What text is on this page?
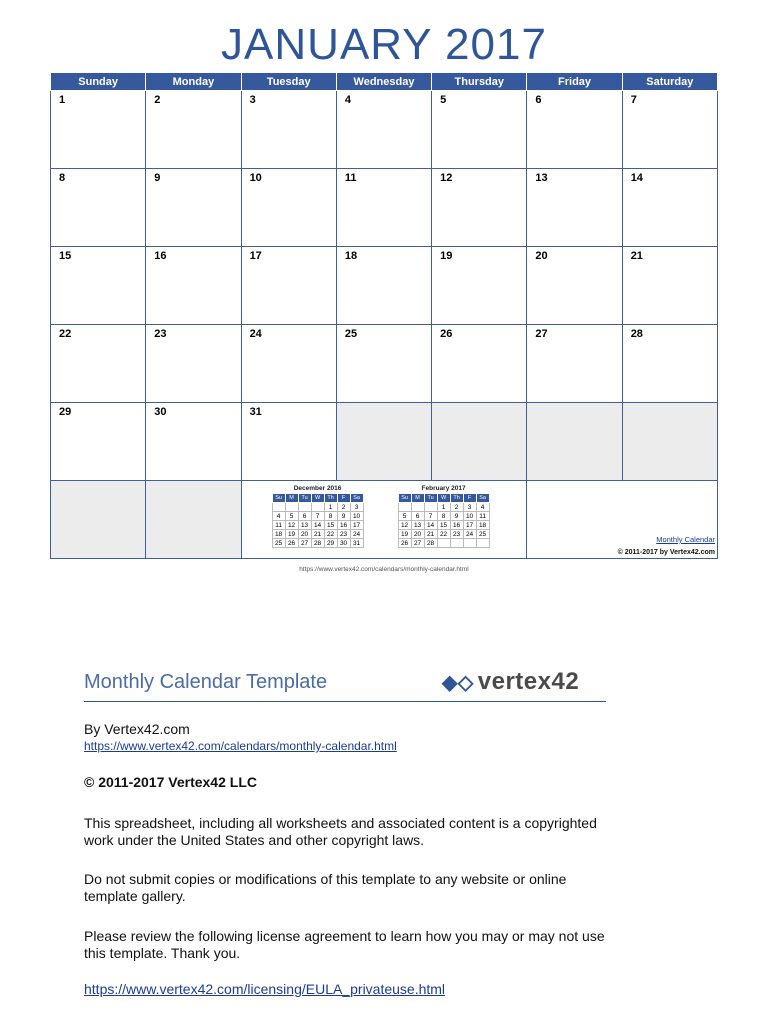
JANUARY 2017
Sunday	Monday	Tuesday	Wednesday	Thursday	Friday	Saturday

1	2	3	4	5	6	7

8	9	10	11	12	13	14

15	16	17	18	19	20	21

22	23	24	25	26	27	28

29	30	31

December 2016
Su	M	Tu	W	Th	F	Sa
				1	2	3
4	5	6	7	8	9	10
11	12	13	14	15	16	17
18	19	20	21	22	23	24
25	26	27	28	29	30	31
February 2017
Su	M	Tu	W	Th	F	Sa
			1	2	3	4
5	6	7	8	9	10	11
12	13	14	15	16	17	18
19	20	21	22	23	24	25
26	27	28				
		Monthly Calendar
© 2011-2017 by Vertex42.com
https://www.vertex42.com/calendars/monthly-calendar.html
Monthly Calendar Template	◆◇ vertex42
By Vertex42.com
https://www.vertex42.com/calendars/monthly-calendar.html
© 2011-2017 Vertex42 LLC
This spreadsheet, including all worksheets and associated content is a copyrighted work under the United States and other copyright laws.
Do not submit copies or modifications of this template to any website or online template gallery.
Please review the following license agreement to learn how you may or may not use this template. Thank you.
https://www.vertex42.com/licensing/EULA_privateuse.html
